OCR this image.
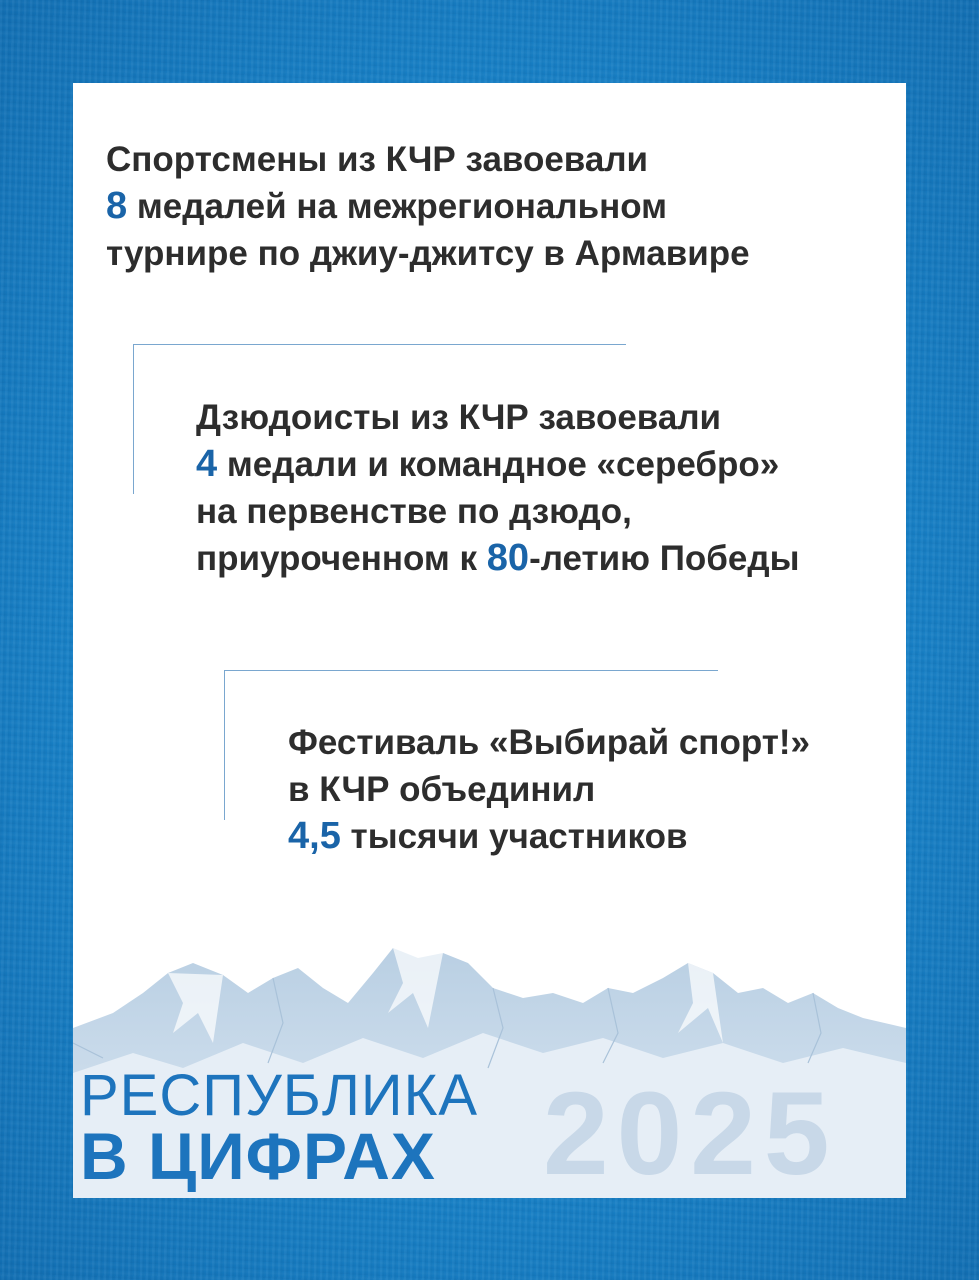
Спортсмены из КЧР завоевали
8 медалей на межрегиональном
турнире по джиу-джитсу в Армавире
Дзюдоисты из КЧР завоевали
4 медали и командное «серебро»
на первенстве по дзюдо,
приуроченном к 80-летию Победы
Фестиваль «Выбирай спорт!»
в КЧР объединил
4,5 тысячи участников
2025
РЕСПУБЛИКА
В ЦИФРАХ
